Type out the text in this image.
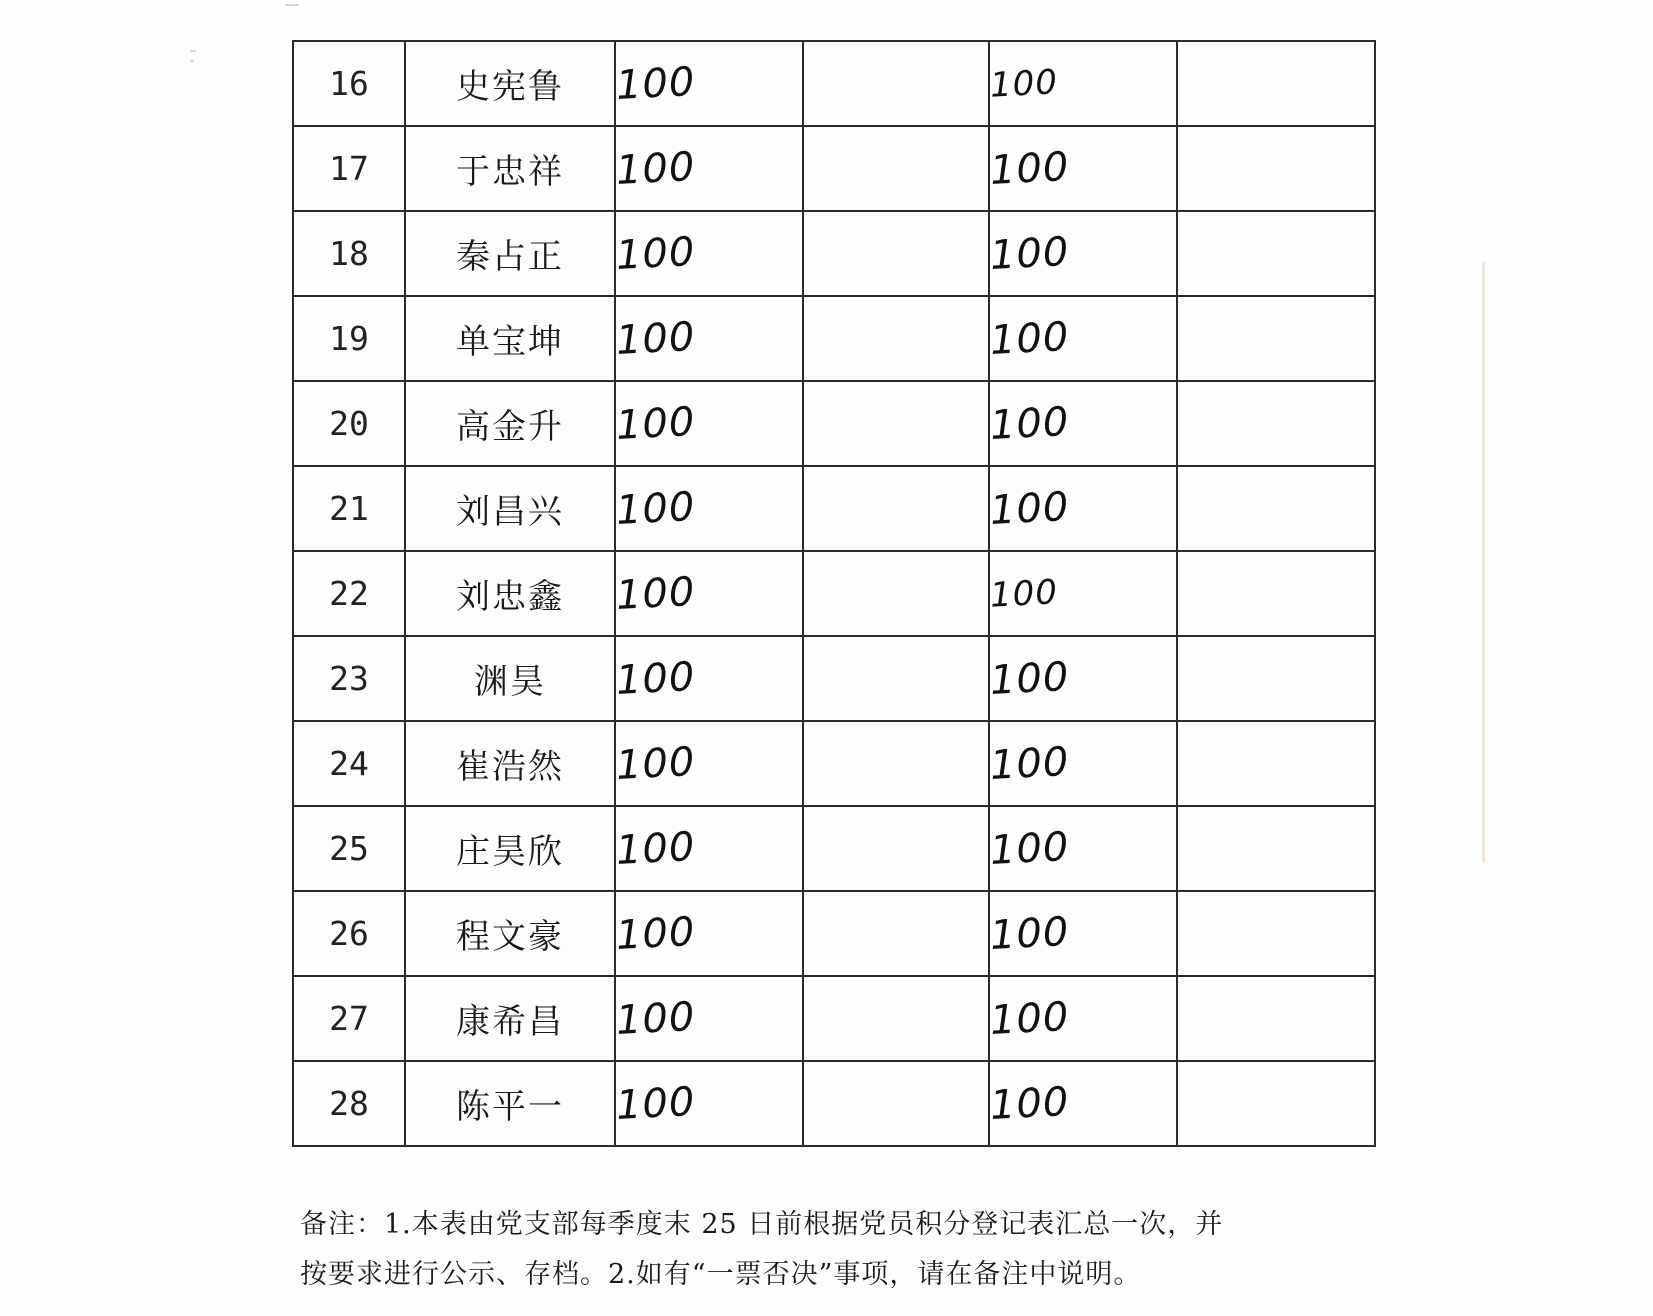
16	史宪鲁	100		100	
17	于忠祥	100		100	
18	秦占正	100		100	
19	单宝坤	100		100	
20	高金升	100		100	
21	刘昌兴	100		100	
22	刘忠鑫	100		100	
23	渊昊	100		100	
24	崔浩然	100		100	
25	庄昊欣	100		100	
26	程文豪	100		100	
27	康希昌	100		100	
28	陈平一	100		100	
备注：1.本表由党支部每季度末 25 日前根据党员积分登记表汇总一次，并
按要求进行公示、存档。2.如有“一票否决”事项，请在备注中说明。
